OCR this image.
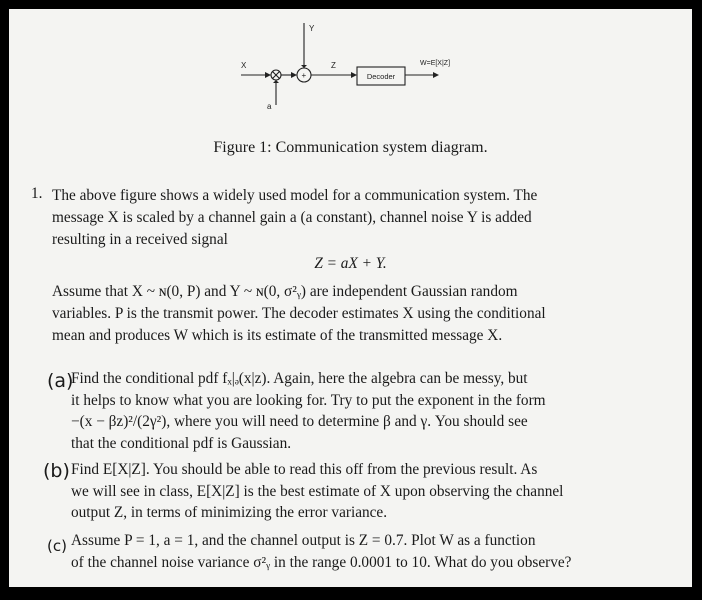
X
Y
Z
a
+	Decoder
W=E[X|Z]
Figure 1: Communication system diagram.
1. The above figure shows a widely used model for a communication system. The
message X is scaled by a channel gain a (a constant), channel noise Y is added
resulting in a received signal
Z = aX + Y.
Assume that X ~ ɴ(0, P) and Y ~ ɴ(0, σ²ᵧ) are independent Gaussian random
variables. P is the transmit power. The decoder estimates X using the conditional
mean and produces W which is its estimate of the transmitted message X.
(a)
Find the conditional pdf fₓ|ₔ(x|z). Again, here the algebra can be messy, but
it helps to know what you are looking for. Try to put the exponent in the form
−(x − βz)²/(2γ²), where you will need to determine β and γ. You should see
that the conditional pdf is Gaussian.
(b) Find E[X|Z]. You should be able to read this off from the previous result. As
we will see in class, E[X|Z] is the best estimate of X upon observing the channel
output Z, in terms of minimizing the error variance.
(c) Assume P = 1, a = 1, and the channel output is Z = 0.7. Plot W as a function
of the channel noise variance σ²ᵧ in the range 0.0001 to 10. What do you observe?
